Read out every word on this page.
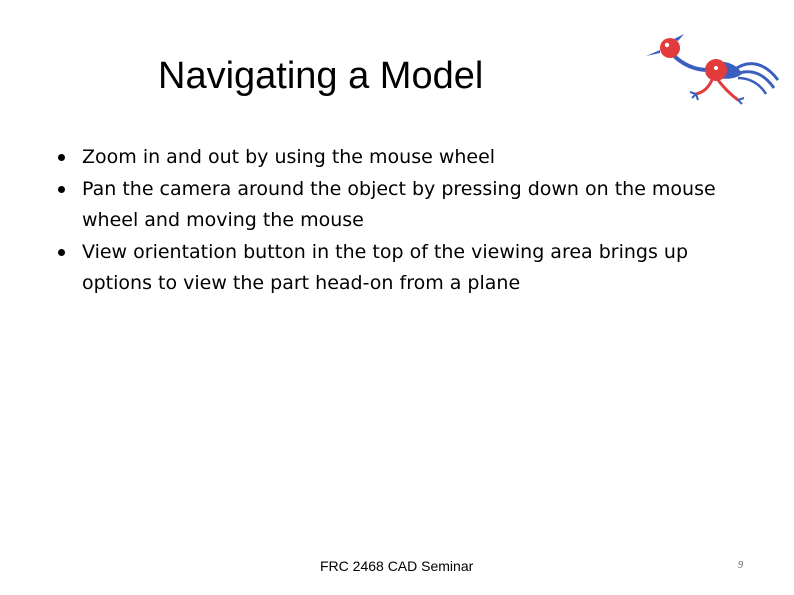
Navigating a Model
Zoom in and out by using the mouse wheel
Pan the camera around the object by pressing down on the mouse wheel and moving the mouse
View orientation button in the top of the viewing area brings up options to view the part head-on from a plane
FRC 2468 CAD Seminar	9
